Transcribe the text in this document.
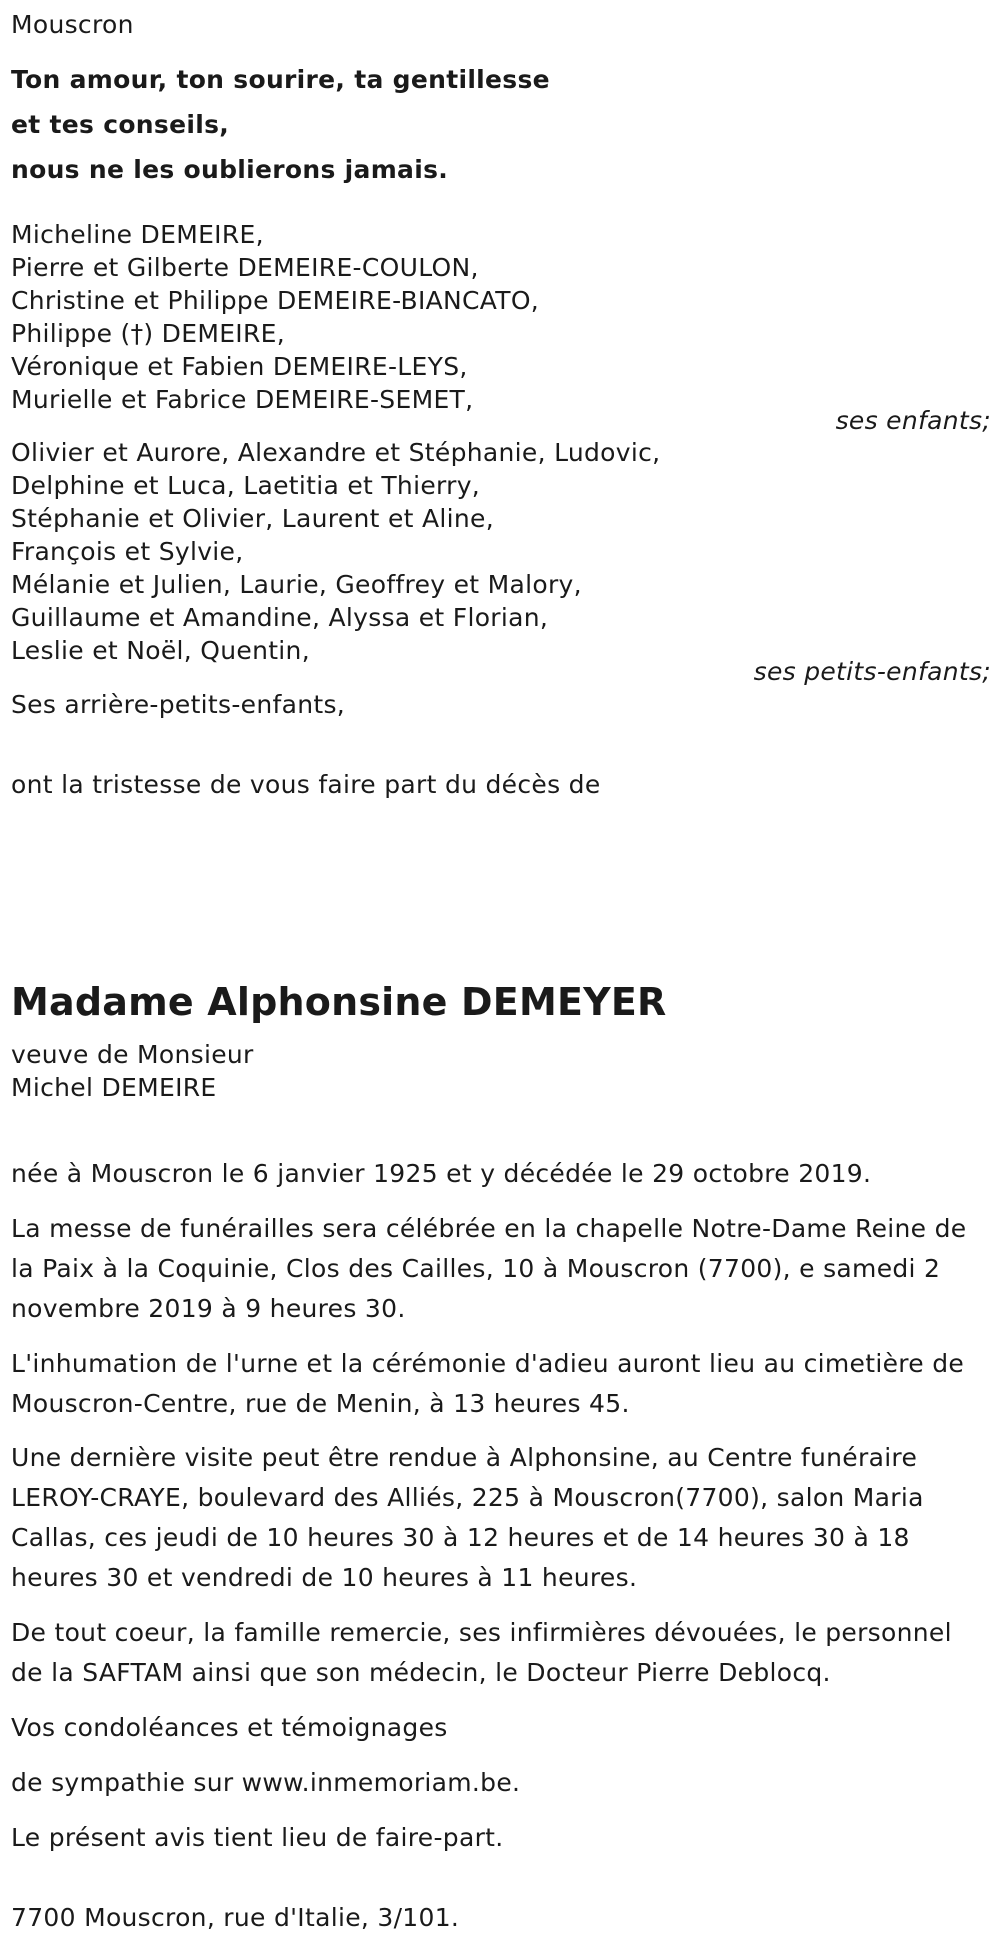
Mouscron
Ton amour, ton sourire, ta gentillesse
et tes conseils,
nous ne les oublierons jamais.
Micheline DEMEIRE,
Pierre et Gilberte DEMEIRE-COULON,
Christine et Philippe DEMEIRE-BIANCATO,
Philippe (†) DEMEIRE,
Véronique et Fabien DEMEIRE-LEYS,
Murielle et Fabrice DEMEIRE-SEMET,
ses enfants;
Olivier et Aurore, Alexandre et Stéphanie, Ludovic,
Delphine et Luca, Laetitia et Thierry,
Stéphanie et Olivier, Laurent et Aline,
François et Sylvie,
Mélanie et Julien, Laurie, Geoffrey et Malory,
Guillaume et Amandine, Alyssa et Florian,
Leslie et Noël, Quentin,
ses petits-enfants;
Ses arrière-petits-enfants,
ont la tristesse de vous faire part du décès de
Madame Alphonsine DEMEYER
veuve de Monsieur
Michel DEMEIRE
née à Mouscron le 6 janvier 1925 et y décédée le 29 octobre 2019.
La messe de funérailles sera célébrée en la chapelle Notre-Dame Reine de la Paix à la Coquinie, Clos des Cailles, 10 à Mouscron (7700), e samedi 2 novembre 2019 à 9 heures 30.
L'inhumation de l'urne et la cérémonie d'adieu auront lieu au cimetière de Mouscron-Centre, rue de Menin, à 13 heures 45.
Une dernière visite peut être rendue à Alphonsine, au Centre funéraire LEROY-CRAYE, boulevard des Alliés, 225 à Mouscron(7700), salon Maria Callas, ces jeudi de 10 heures 30 à 12 heures et de 14 heures 30 à 18 heures 30 et vendredi de 10 heures à 11 heures.
De tout coeur, la famille remercie, ses infirmières dévouées, le personnel de la SAFTAM ainsi que son médecin, le Docteur Pierre Deblocq.
Vos condoléances et témoignages
de sympathie sur www.inmemoriam.be.
Le présent avis tient lieu de faire-part.
7700 Mouscron, rue d'Italie, 3/101.
